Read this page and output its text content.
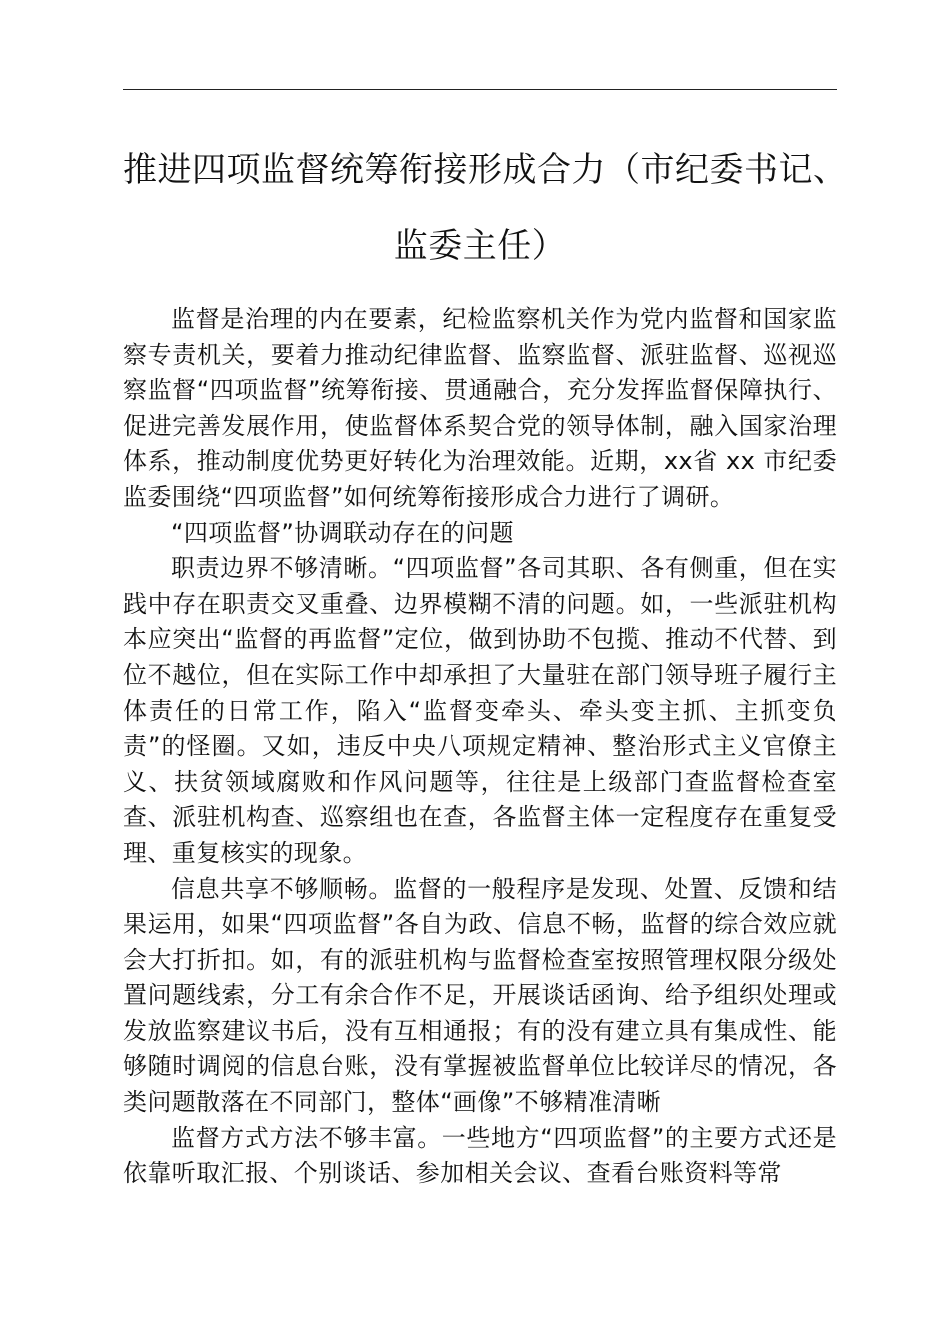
推进四项监督统筹衔接形成合力（市纪委书记、
监委主任）

监督是治理的内在要素，纪检监察机关作为党内监督和国家监察专责机关，要着力推动纪律监督、监察监督、派驻监督、巡视巡察监督“四项监督”统筹衔接、贯通融合，充分发挥监督保障执行、促进完善发展作用，使监督体系契合党的领导体制，融入国家治理体系，推动制度优势更好转化为治理效能。近期，xx省 xx 市纪委监委围绕“四项监督”如何统筹衔接形成合力进行了调研。

“四项监督”协调联动存在的问题

职责边界不够清晰。“四项监督”各司其职、各有侧重，但在实践中存在职责交叉重叠、边界模糊不清的问题。如，一些派驻机构本应突出“监督的再监督”定位，做到协助不包揽、推动不代替、到位不越位，但在实际工作中却承担了大量驻在部门领导班子履行主体责任的日常工作，陷入“监督变牵头、牵头变主抓、主抓变负责”的怪圈。又如，违反中央八项规定精神、整治形式主义官僚主义、扶贫领域腐败和作风问题等，往往是上级部门查监督检查室查、派驻机构查、巡察组也在查，各监督主体一定程度存在重复受理、重复核实的现象。

信息共享不够顺畅。监督的一般程序是发现、处置、反馈和结果运用，如果“四项监督”各自为政、信息不畅，监督的综合效应就会大打折扣。如，有的派驻机构与监督检查室按照管理权限分级处置问题线索，分工有余合作不足，开展谈话函询、给予组织处理或发放监察建议书后，没有互相通报；有的没有建立具有集成性、能够随时调阅的信息台账，没有掌握被监督单位比较详尽的情况，各类问题散落在不同部门，整体“画像”不够精准清晰

监督方式方法不够丰富。一些地方“四项监督”的主要方式还是依靠听取汇报、个别谈话、参加相关会议、查看台账资料等常
